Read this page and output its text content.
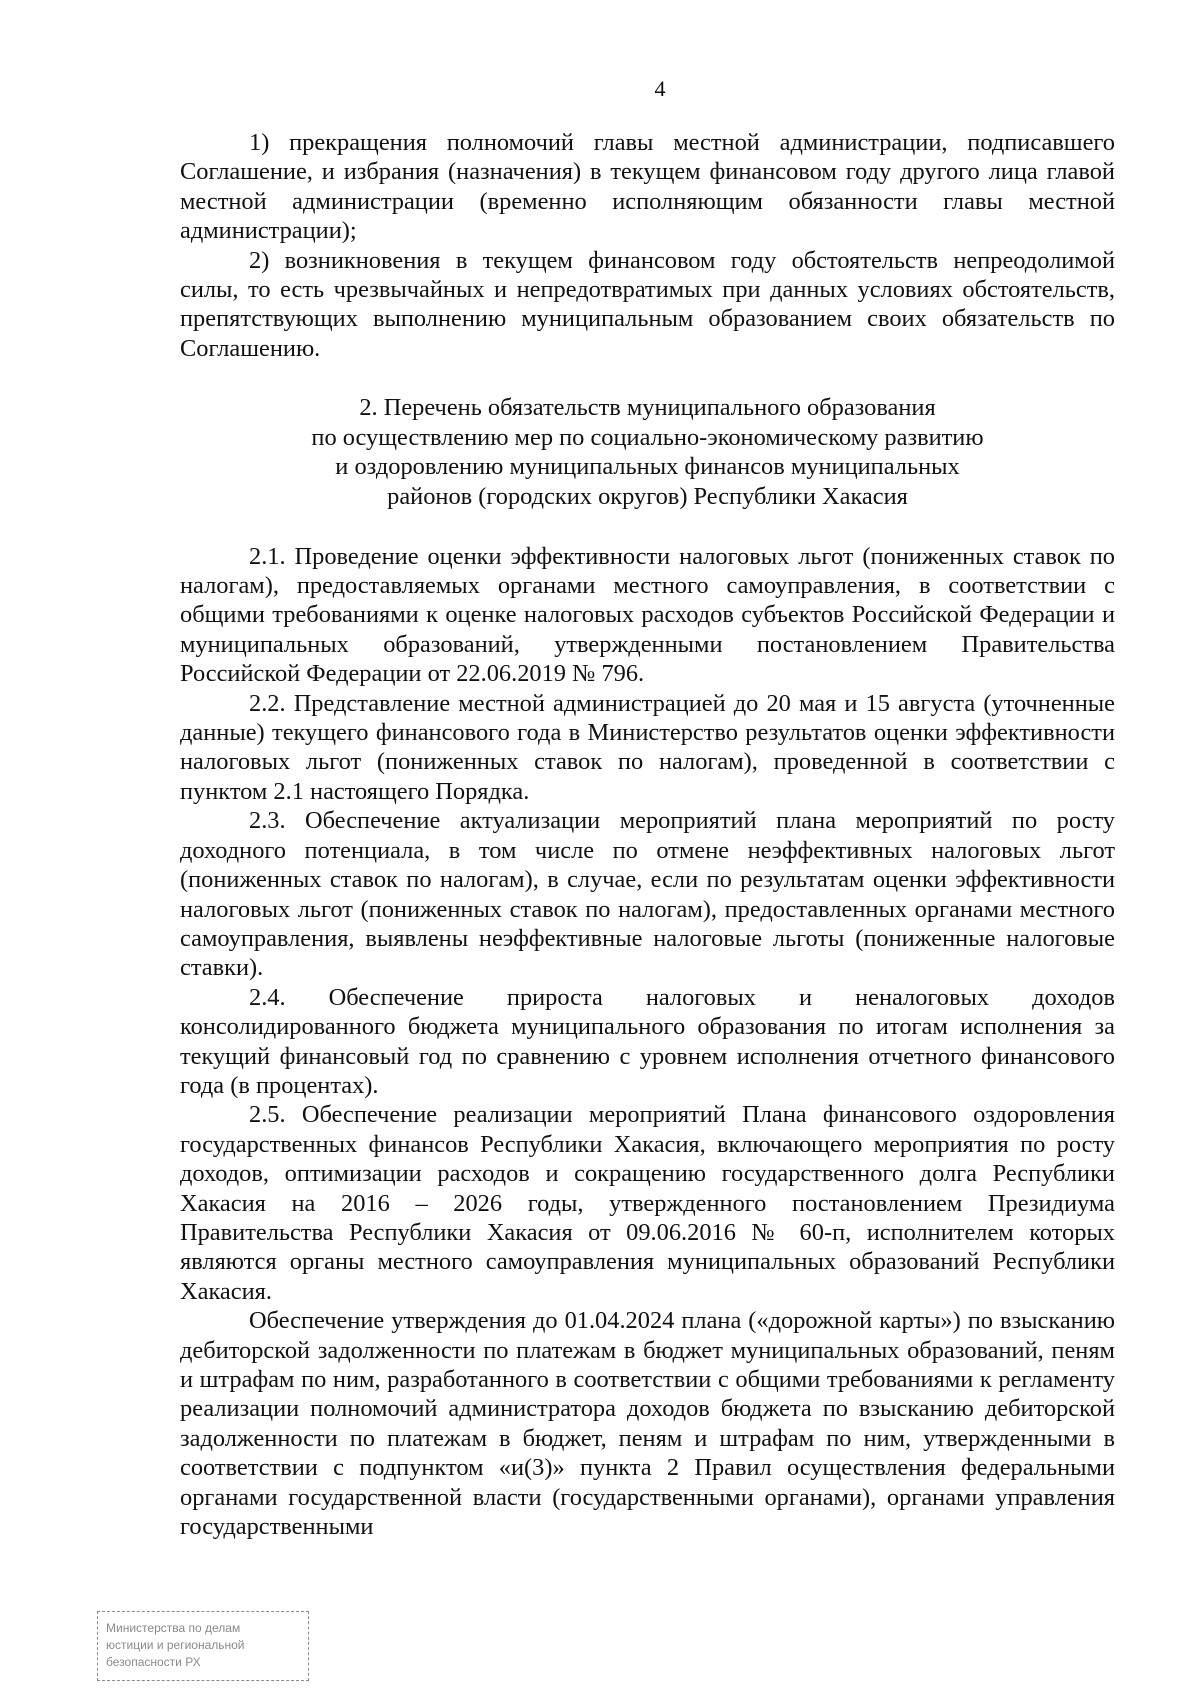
4

1) прекращения полномочий главы местной администрации, подписавшего Соглашение, и избрания (назначения) в текущем финансовом году другого лица главой местной администрации (временно исполняющим обязанности главы местной администрации);

2) возникновения в текущем финансовом году обстоятельств непреодолимой силы, то есть чрезвычайных и непредотвратимых при данных условиях обстоятельств, препятствующих выполнению муниципальным образованием своих обязательств по Соглашению.

2. Перечень обязательств муниципального образования
по осуществлению мер по социально-экономическому развитию
и оздоровлению муниципальных финансов муниципальных
районов (городских округов) Республики Хакасия

2.1. Проведение оценки эффективности налоговых льгот (пониженных ставок по налогам), предоставляемых органами местного самоуправления, в соответствии с общими требованиями к оценке налоговых расходов субъектов Российской Федерации и муниципальных образований, утвержденными постановлением Правительства Российской Федерации от 22.06.2019 № 796.

2.2. Представление местной администрацией до 20 мая и 15 августа (уточненные данные) текущего финансового года в Министерство результатов оценки эффективности налоговых льгот (пониженных ставок по налогам), проведенной в соответствии с пунктом 2.1 настоящего Порядка.

2.3. Обеспечение актуализации мероприятий плана мероприятий по росту доходного потенциала, в том числе по отмене неэффективных налоговых льгот (пониженных ставок по налогам), в случае, если по результатам оценки эффективности налоговых льгот (пониженных ставок по налогам), предоставленных органами местного самоуправления, выявлены неэффективные налоговые льготы (пониженные налоговые ставки).

2.4. Обеспечение прироста налоговых и неналоговых доходов консолидированного бюджета муниципального образования по итогам исполнения за текущий финансовый год по сравнению с уровнем исполнения отчетного финансового года (в процентах).

2.5. Обеспечение реализации мероприятий Плана финансового оздоровления государственных финансов Республики Хакасия, включающего мероприятия по росту доходов, оптимизации расходов и сокращению государственного долга Республики Хакасия на 2016 – 2026 годы, утвержденного постановлением Президиума Правительства Республики Хакасия от 09.06.2016 № 60-п, исполнителем которых являются органы местного самоуправления муниципальных образований Республики Хакасия.

Обеспечение утверждения до 01.04.2024 плана («дорожной карты») по взысканию дебиторской задолженности по платежам в бюджет муниципальных образований, пеням и штрафам по ним, разработанного в соответствии с общими требованиями к регламенту реализации полномочий администратора доходов бюджета по взысканию дебиторской задолженности по платежам в бюджет, пеням и штрафам по ним, утвержденными в соответствии с подпунктом «и(3)» пункта 2 Правил осуществления федеральными органами государственной власти (государственными органами), органами управления государственными

Министерства по делам
юстиции и региональной
безопасности РХ
